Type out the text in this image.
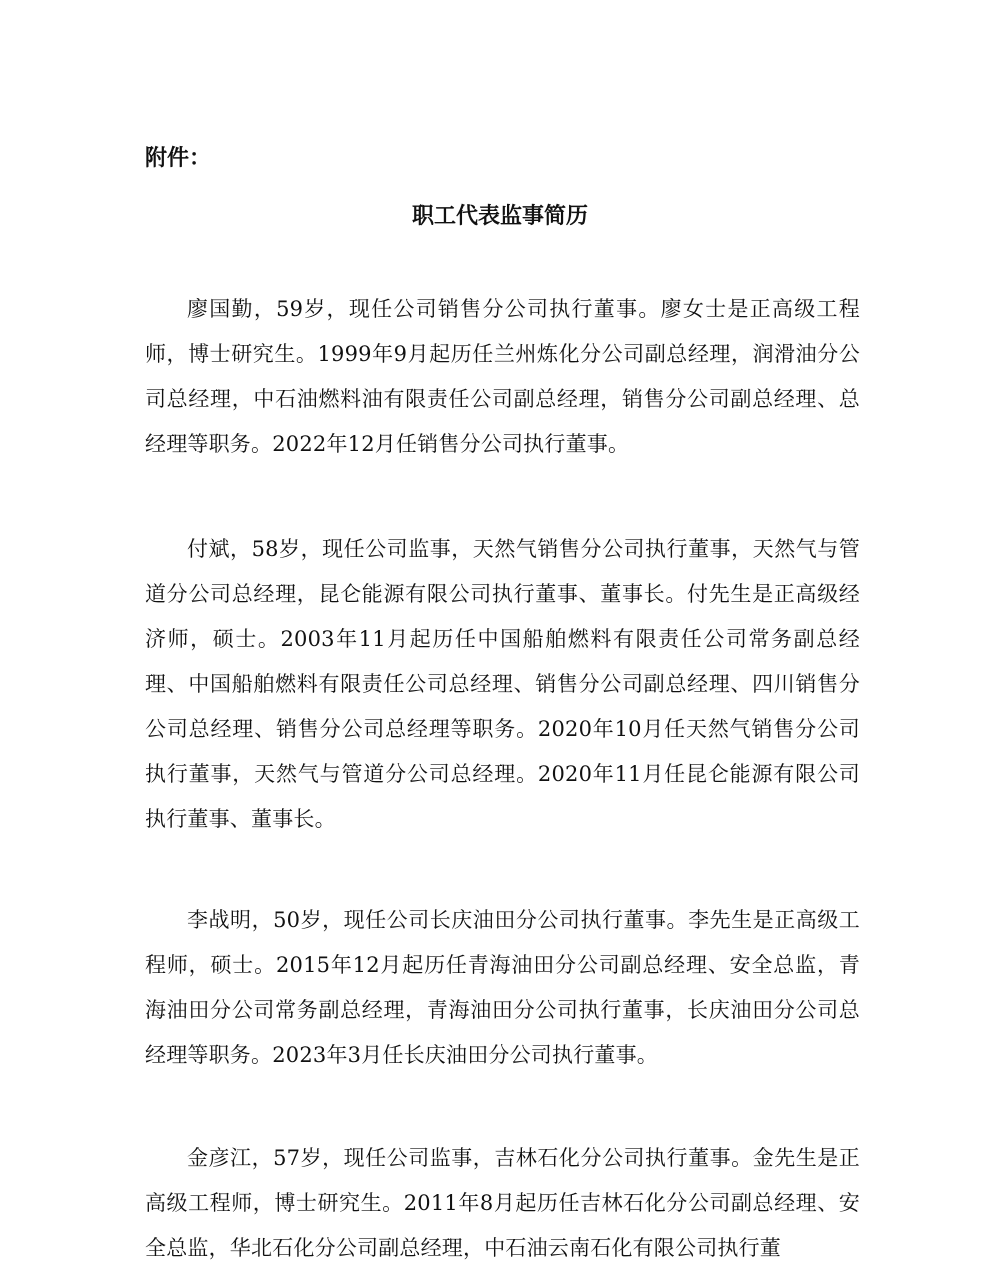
附件：
职工代表监事简历

廖国勤，59岁，现任公司销售分公司执行董事。廖女士是正高级工程师，博士研究生。1999年9月起历任兰州炼化分公司副总经理，润滑油分公司总经理，中石油燃料油有限责任公司副总经理，销售分公司副总经理、总经理等职务。2022年12月任销售分公司执行董事。

付斌，58岁，现任公司监事，天然气销售分公司执行董事，天然气与管道分公司总经理，昆仑能源有限公司执行董事、董事长。付先生是正高级经济师，硕士。2003年11月起历任中国船舶燃料有限责任公司常务副总经理、中国船舶燃料有限责任公司总经理、销售分公司副总经理、四川销售分公司总经理、销售分公司总经理等职务。2020年10月任天然气销售分公司执行董事，天然气与管道分公司总经理。2020年11月任昆仑能源有限公司执行董事、董事长。

李战明，50岁，现任公司长庆油田分公司执行董事。李先生是正高级工程师，硕士。2015年12月起历任青海油田分公司副总经理、安全总监，青海油田分公司常务副总经理，青海油田分公司执行董事，长庆油田分公司总经理等职务。2023年3月任长庆油田分公司执行董事。

金彦江，57岁，现任公司监事，吉林石化分公司执行董事。金先生是正高级工程师，博士研究生。2011年8月起历任吉林石化分公司副总经理、安全总监，华北石化分公司副总经理，中石油云南石化有限公司执行董
